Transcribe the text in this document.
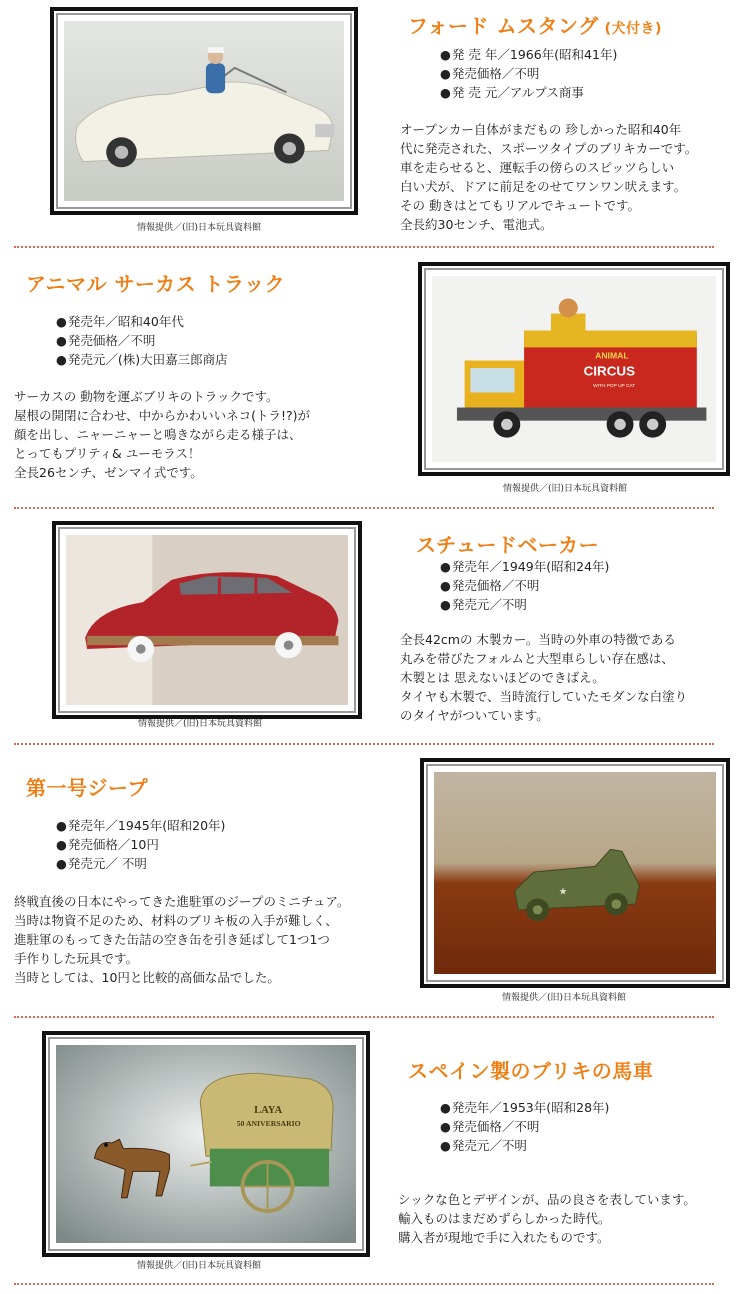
情報提供／(旧)日本玩具資料館
フォード ムスタング (犬付き)
● 発 売 年／1966年(昭和41年)
● 発売価格／不明
● 発 売 元／アルプス商事
オープンカー自体がまだもの 珍しかった昭和40年
代に発売された、スポーツタイプのブリキカーです。
車を走らせると、運転手の傍らのスピッツらしい
白い犬が、ドアに前足をのせてワンワン吠えます。
その 動きはとてもリアルでキュートです。
全長約30センチ、電池式。
アニマル サーカス トラック
● 発売年／昭和40年代
● 発売価格／不明
● 発売元／(株)大田嘉三郎商店
サーカスの 動物を運ぶブリキのトラックです。
屋根の開閉に合わせ、中からかわいいネコ(トラ!?)が
顔を出し、ニャーニャーと鳴きながら走る様子は、
とってもプリティ& ユーモラス！
全長26センチ、ゼンマイ式です。
ANIMAL
CIRCUS
WITH POP UP CAT
情報提供／(旧)日本玩具資料館
情報提供／(旧)日本玩具資料館
スチュードベーカー
● 発売年／1949年(昭和24年)
● 発売価格／不明
● 発売元／不明
全長42cmの 木製カー。当時の外車の特徴である
丸みを帯びたフォルムと大型車らしい存在感は、
木製とは 思えないほどのできばえ。
タイヤも木製で、当時流行していたモダンな白塗り
のタイヤがついています。
第一号ジープ
● 発売年／1945年(昭和20年)
● 発売価格／10円
● 発売元／ 不明
終戦直後の日本にやってきた進駐軍のジープのミニチュア。
当時は物資不足のため、材料のブリキ板の入手が難しく、
進駐軍のもってきた缶詰の空き缶を引き延ばして1つ1つ
手作りした玩具です。
当時としては、10円と比較的高価な品でした。
★
情報提供／(旧)日本玩具資料館
LAYA
50 ANIVERSARIO
情報提供／(旧)日本玩具資料館
スペイン製のブリキの馬車
● 発売年／1953年(昭和28年)
● 発売価格／不明
● 発売元／不明
シックな色とデザインが、品の良さを表しています。
輸入ものはまだめずらしかった時代。
購入者が現地で手に入れたものです。
